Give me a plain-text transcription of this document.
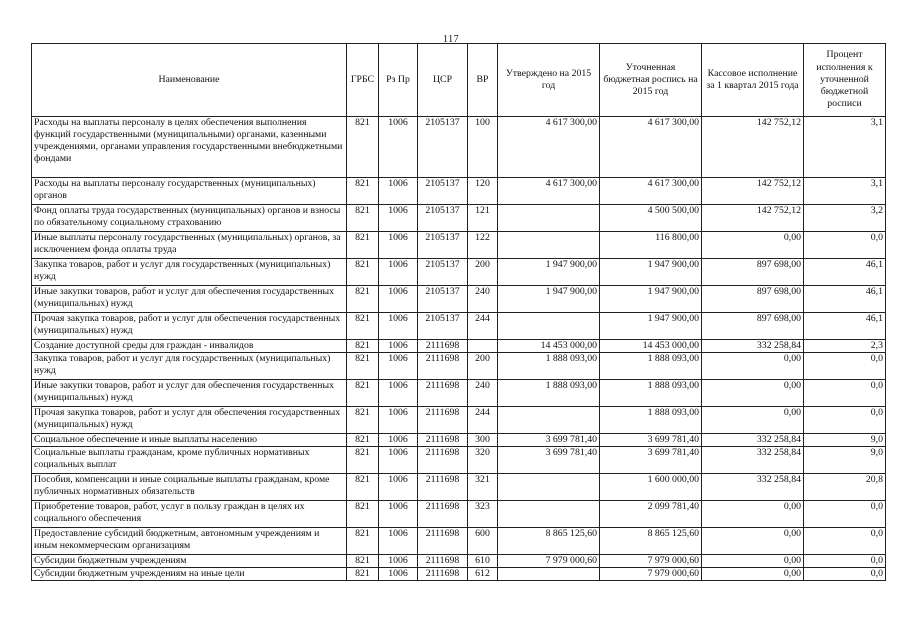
117
Наименование	ГРБС	Рз Пр	ЦСР	ВР	Утверждено на 2015 год	Уточненная бюджетная роспись на 2015 год	Кассовое исполнение за 1 квартал 2015 года	Процент исполнения к уточненной бюджетной росписи
Расходы на выплаты персоналу в целях обеспечения выполнения функций государственными (муниципальными) органами, казенными учреждениями, органами управления государственными внебюджетными фондами	821	1006	2105137	100	4 617 300,00	4 617 300,00	142 752,12	3,1
Расходы на выплаты персоналу государственных (муниципальных) органов	821	1006	2105137	120	4 617 300,00	4 617 300,00	142 752,12	3,1
Фонд оплаты труда государственных (муниципальных) органов и взносы по обязательному социальному страхованию	821	1006	2105137	121		4 500 500,00	142 752,12	3,2
Иные выплаты персоналу государственных (муниципальных) органов, за исключением фонда оплаты труда	821	1006	2105137	122		116 800,00	0,00	0,0
Закупка товаров, работ и услуг для государственных (муниципальных) нужд	821	1006	2105137	200	1 947 900,00	1 947 900,00	897 698,00	46,1
Иные закупки товаров, работ и услуг для обеспечения государственных (муниципальных) нужд	821	1006	2105137	240	1 947 900,00	1 947 900,00	897 698,00	46,1
Прочая закупка товаров, работ и услуг для обеспечения государственных (муниципальных) нужд	821	1006	2105137	244		1 947 900,00	897 698,00	46,1
Создание доступной среды для граждан - инвалидов	821	1006	2111698		14 453 000,00	14 453 000,00	332 258,84	2,3
Закупка товаров, работ и услуг для государственных (муниципальных) нужд	821	1006	2111698	200	1 888 093,00	1 888 093,00	0,00	0,0
Иные закупки товаров, работ и услуг для обеспечения государственных (муниципальных) нужд	821	1006	2111698	240	1 888 093,00	1 888 093,00	0,00	0,0
Прочая закупка товаров, работ и услуг для обеспечения государственных (муниципальных) нужд	821	1006	2111698	244		1 888 093,00	0,00	0,0
Социальное обеспечение и иные выплаты населению	821	1006	2111698	300	3 699 781,40	3 699 781,40	332 258,84	9,0
Социальные выплаты гражданам, кроме публичных нормативных социальных выплат	821	1006	2111698	320	3 699 781,40	3 699 781,40	332 258,84	9,0
Пособия, компенсации и иные социальные выплаты гражданам, кроме публичных нормативных обязательств	821	1006	2111698	321		1 600 000,00	332 258,84	20,8
Приобретение товаров, работ, услуг в пользу граждан в целях их социального обеспечения	821	1006	2111698	323		2 099 781,40	0,00	0,0
Предоставление субсидий бюджетным, автономным учреждениям и иным некоммерческим организациям	821	1006	2111698	600	8 865 125,60	8 865 125,60	0,00	0,0
Субсидии бюджетным учреждениям	821	1006	2111698	610	7 979 000,60	7 979 000,60	0,00	0,0
Субсидии бюджетным учреждениям на иные цели	821	1006	2111698	612		7 979 000,60	0,00	0,0
